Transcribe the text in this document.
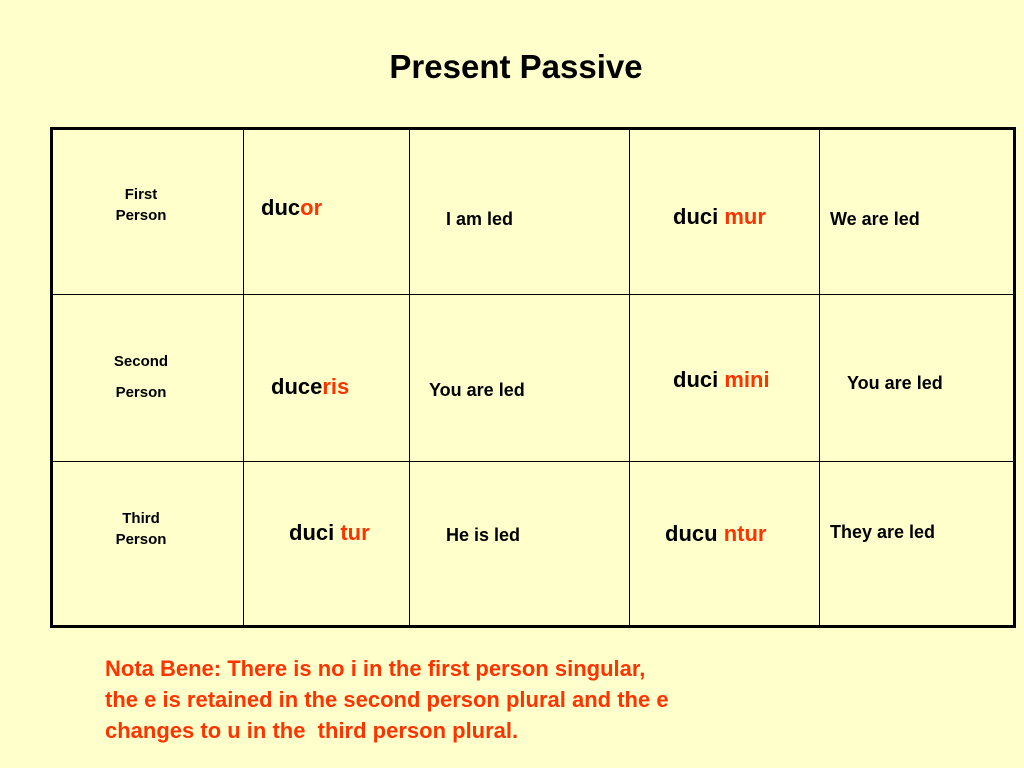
Present Passive
First
Person	ducor	I am led	duci mur	We are led
Second
Person	duceris	You are led	duci mini	You are led
Third
Person	duci tur	He is led	ducu ntur	They are led
Nota Bene: There is no i in the first person singular,
the e is retained in the second person plural and the e
changes to u in the  third person plural.
